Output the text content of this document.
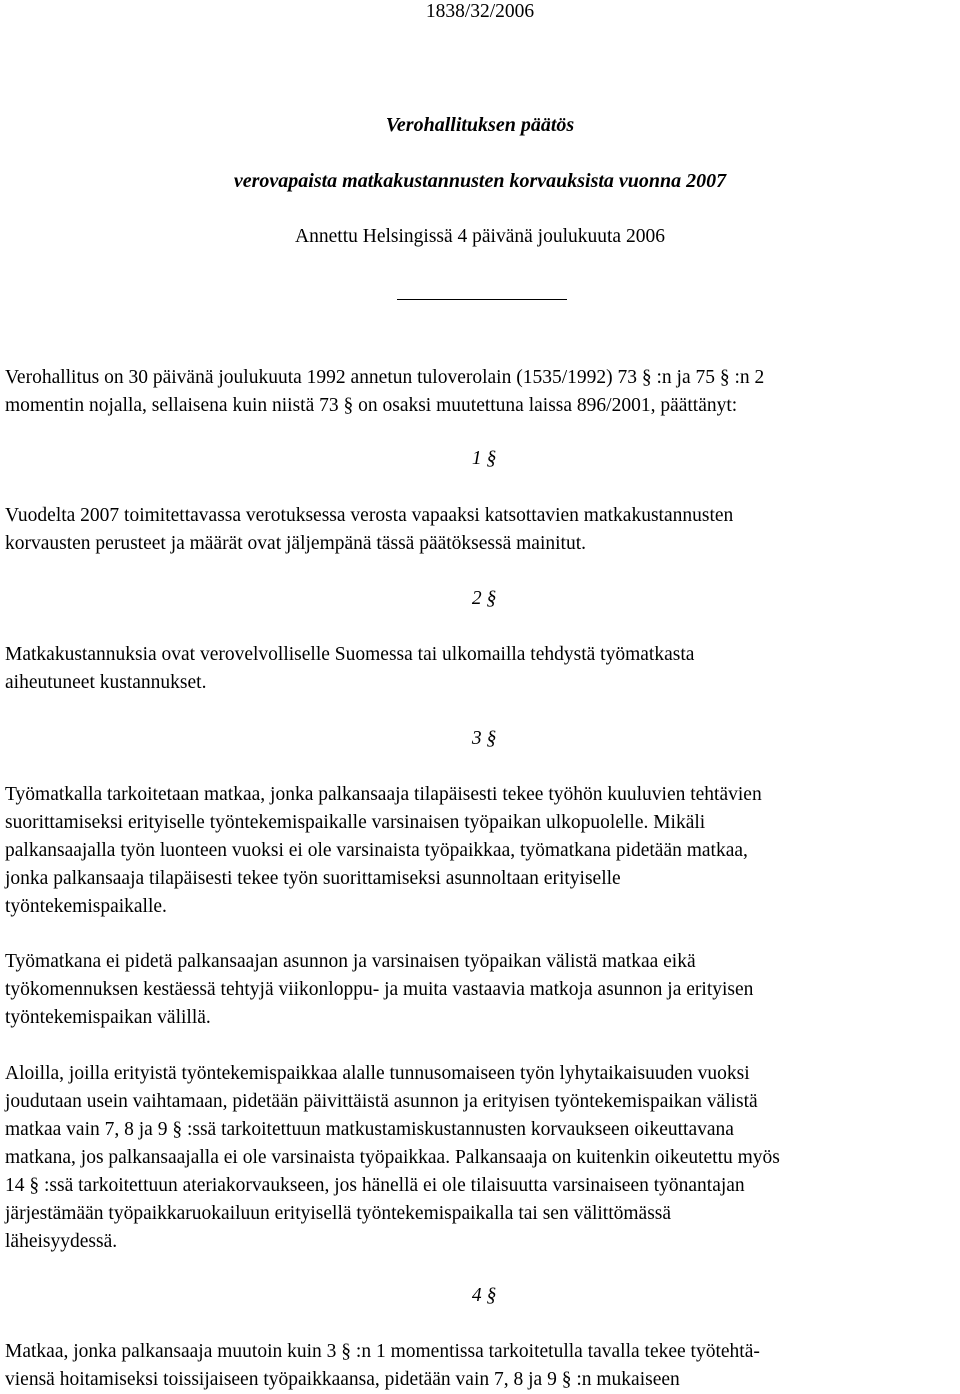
1838/32/2006
Verohallituksen päätös
verovapaista matkakustannusten korvauksista vuonna 2007
Annettu Helsingissä 4 päivänä joulukuuta 2006

Verohallitus on 30 päivänä joulukuuta 1992 annetun tuloverolain (1535/1992) 73 § :n ja 75 § :n 2
momentin nojalla, sellaisena kuin niistä 73 § on osaksi muutettuna laissa 896/2001, päättänyt:

1 §

Vuodelta 2007 toimitettavassa verotuksessa verosta vapaaksi katsottavien matkakustannusten
korvausten perusteet ja määrät ovat jäljempänä tässä päätöksessä mainitut.

2 §

Matkakustannuksia ovat verovelvolliselle Suomessa tai ulkomailla tehdystä työmatkasta
aiheutuneet kustannukset.

3 §

Työmatkalla tarkoitetaan matkaa, jonka palkansaaja tilapäisesti tekee työhön kuuluvien tehtävien
suorittamiseksi erityiselle työntekemispaikalle varsinaisen työpaikan ulkopuolelle. Mikäli
palkansaajalla työn luonteen vuoksi ei ole varsinaista työpaikkaa, työmatkana pidetään matkaa,
jonka palkansaaja tilapäisesti tekee työn suorittamiseksi asunnoltaan erityiselle
työntekemispaikalle.

Työmatkana ei pidetä palkansaajan asunnon ja varsinaisen työpaikan välistä matkaa eikä
työkomennuksen kestäessä tehtyjä viikonloppu- ja muita vastaavia matkoja asunnon ja erityisen
työntekemispaikan välillä.

Aloilla, joilla erityistä työntekemispaikkaa alalle tunnusomaiseen työn lyhytaikaisuuden vuoksi
joudutaan usein vaihtamaan, pidetään päivittäistä asunnon ja erityisen työntekemispaikan välistä
matkaa vain 7, 8 ja 9 § :ssä tarkoitettuun matkustamiskustannusten korvaukseen oikeuttavana
matkana, jos palkansaajalla ei ole varsinaista työpaikkaa. Palkansaaja on kuitenkin oikeutettu myös
14 § :ssä tarkoitettuun ateriakorvaukseen, jos hänellä ei ole tilaisuutta varsinaiseen työnantajan
järjestämään työpaikkaruokailuun erityisellä työntekemispaikalla tai sen välittömässä
läheisyydessä.

4 §

Matkaa, jonka palkansaaja muutoin kuin 3 § :n 1 momentissa tarkoitetulla tavalla tekee työtehtä-
viensä hoitamiseksi toissijaiseen työpaikkaansa, pidetään vain 7, 8 ja 9 § :n mukaiseen
